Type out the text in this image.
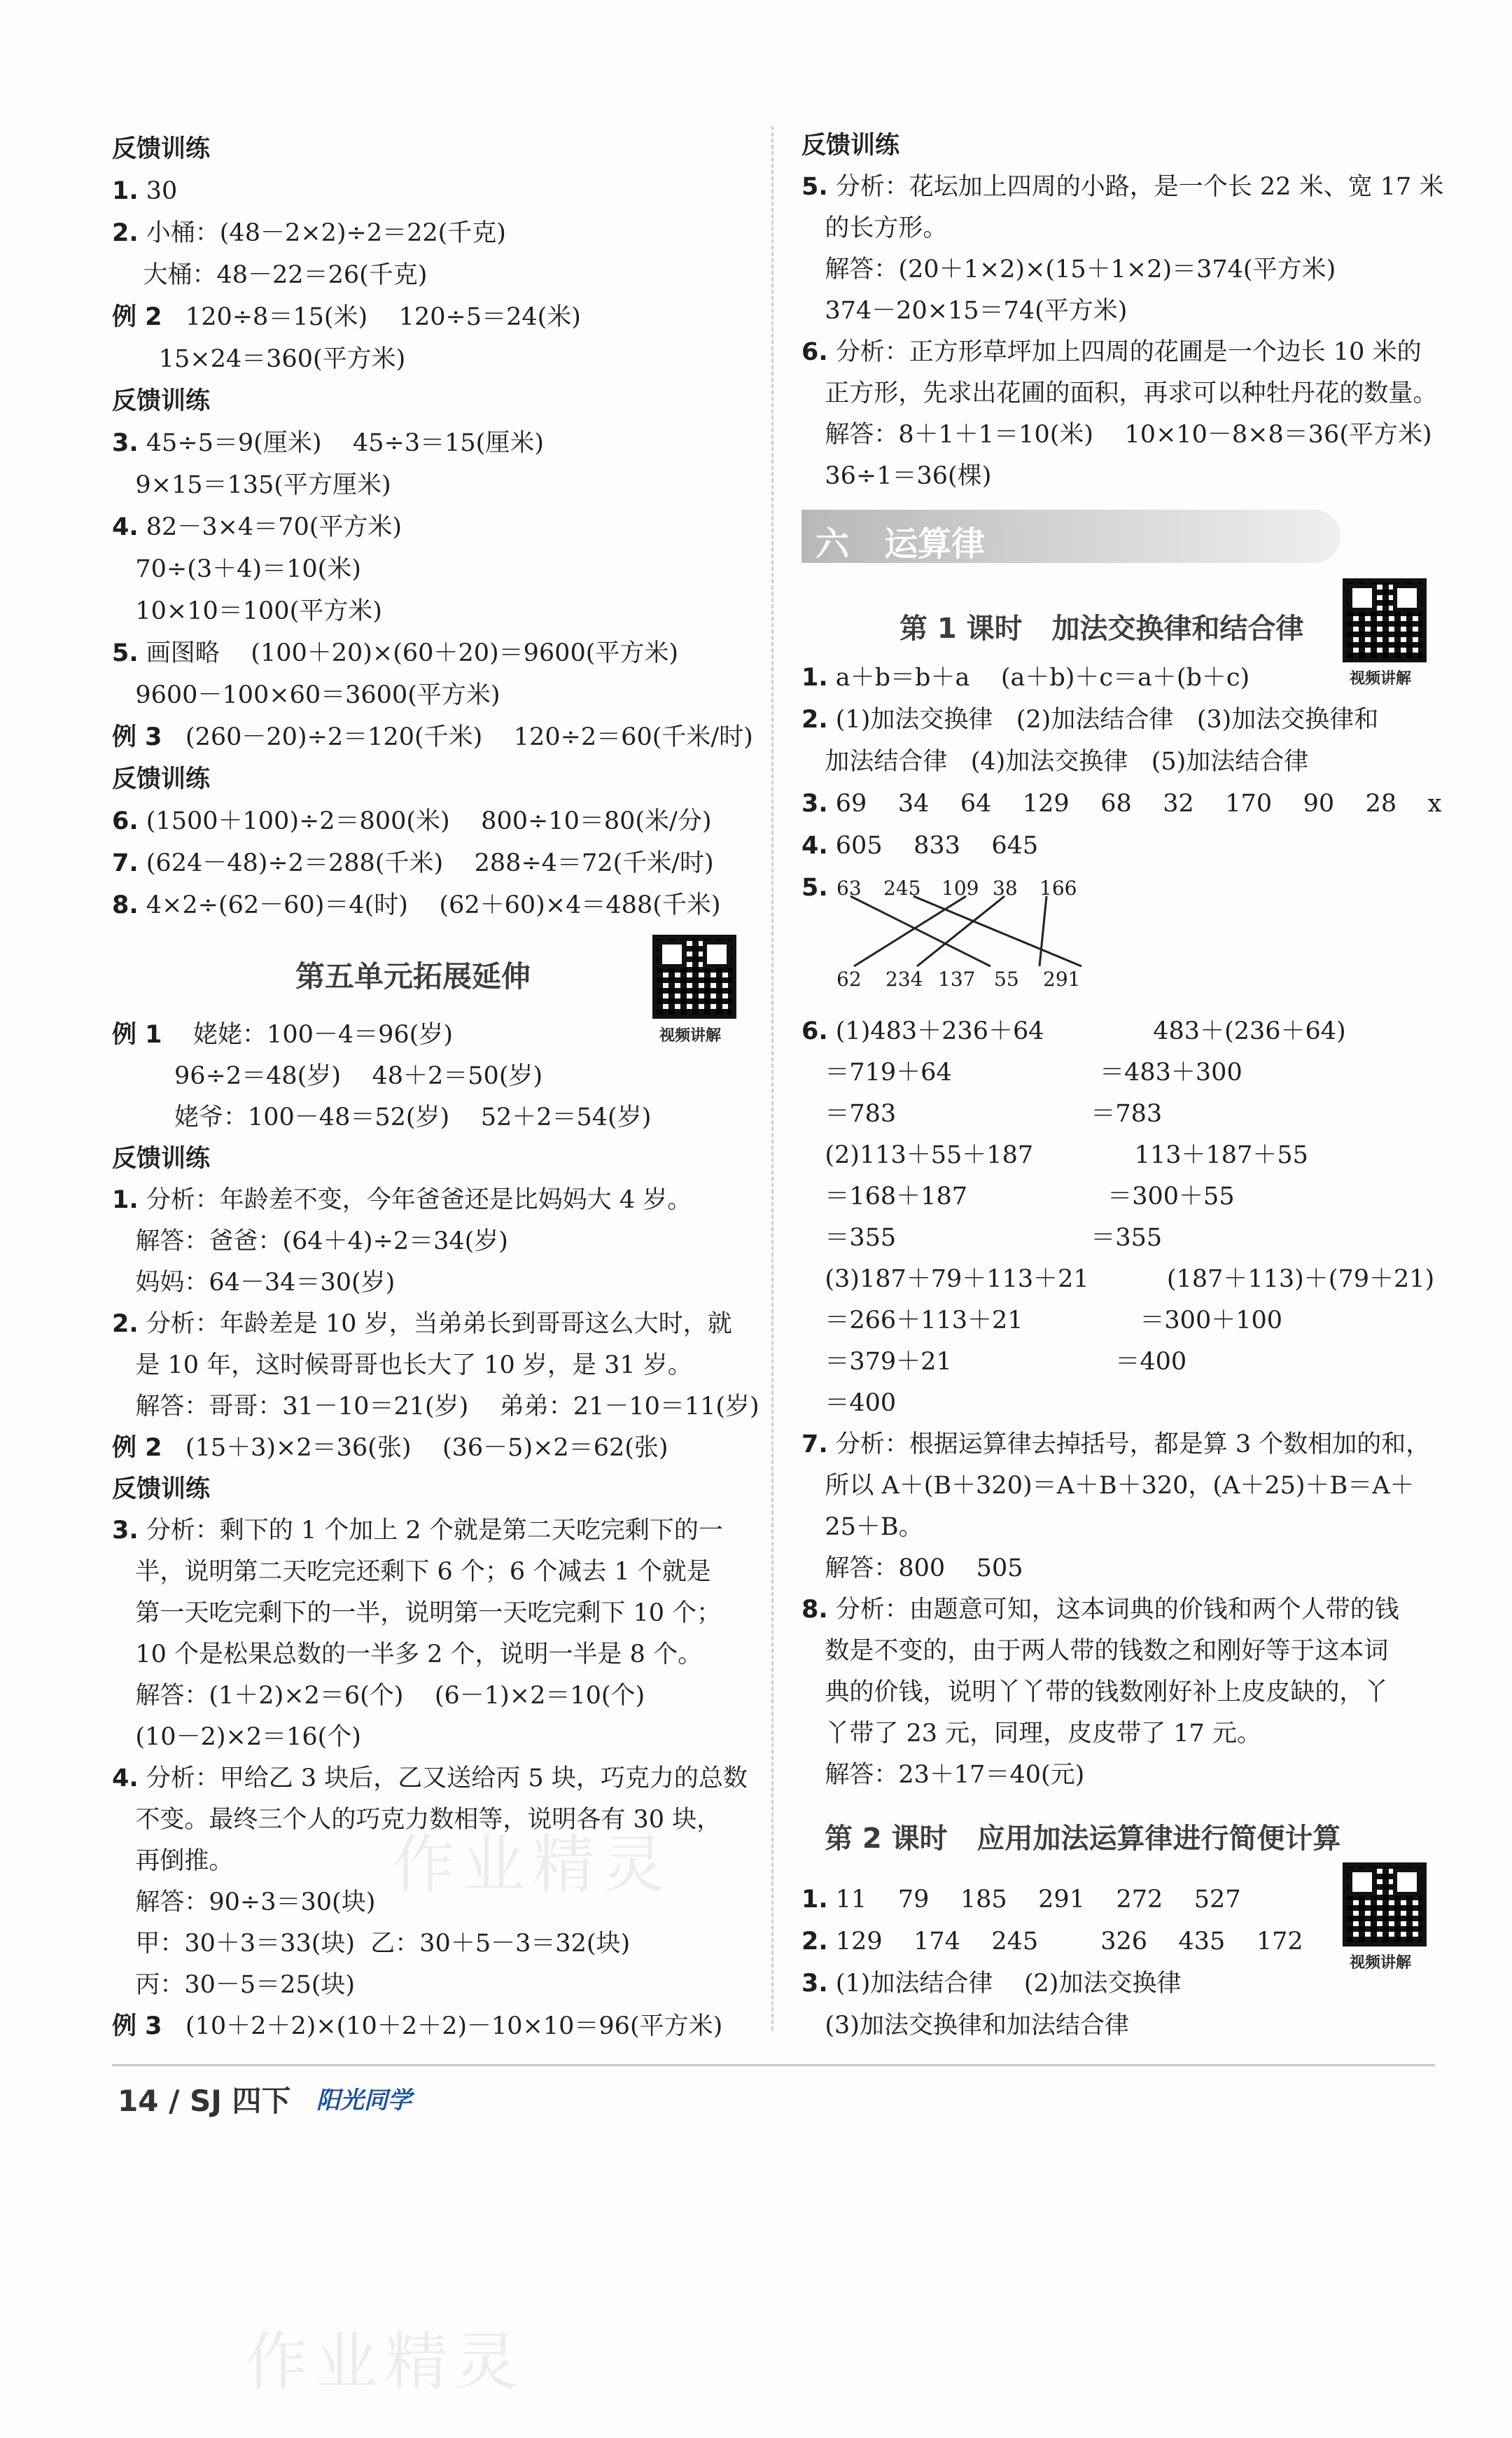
反馈训练
1. 30
2. 小桶：(48－2×2)÷2＝22(千克)
大桶：48－22＝26(千克)
例 2   120÷8＝15(米)    120÷5＝24(米)
15×24＝360(平方米)
反馈训练
3. 45÷5＝9(厘米)    45÷3＝15(厘米)
9×15＝135(平方厘米)
4. 82－3×4＝70(平方米)
70÷(3＋4)＝10(米)
10×10＝100(平方米)
5. 画图略    (100＋20)×(60＋20)＝9600(平方米)
9600－100×60＝3600(平方米)
例 3   (260－20)÷2＝120(千米)    120÷2＝60(千米/时)
反馈训练
6. (1500＋100)÷2＝800(米)    800÷10＝80(米/分)
7. (624－48)÷2＝288(千米)    288÷4＝72(千米/时)
8. 4×2÷(62－60)＝4(时)    (62＋60)×4＝488(千米)
例 1    姥姥：100－4＝96(岁)
96÷2＝48(岁)    48＋2＝50(岁)
姥爷：100－48＝52(岁)    52＋2＝54(岁)
反馈训练
1. 分析：年龄差不变，今年爸爸还是比妈妈大 4 岁。
解答：爸爸：(64＋4)÷2＝34(岁)
妈妈：64－34＝30(岁)
2. 分析：年龄差是 10 岁，当弟弟长到哥哥这么大时，就
是 10 年，这时候哥哥也长大了 10 岁，是 31 岁。
解答：哥哥：31－10＝21(岁)    弟弟：21－10＝11(岁)
例 2   (15＋3)×2＝36(张)    (36－5)×2＝62(张)
反馈训练
3. 分析：剩下的 1 个加上 2 个就是第二天吃完剩下的一
半，说明第二天吃完还剩下 6 个；6 个减去 1 个就是
第一天吃完剩下的一半，说明第一天吃完剩下 10 个；
10 个是松果总数的一半多 2 个，说明一半是 8 个。
解答：(1＋2)×2＝6(个)    (6－1)×2＝10(个)
(10－2)×2＝16(个)
4. 分析：甲给乙 3 块后，乙又送给丙 5 块，巧克力的总数
不变。最终三个人的巧克力数相等，说明各有 30 块，
再倒推。
解答：90÷3＝30(块)
甲：30＋3＝33(块)  乙：30＋5－3＝32(块)
丙：30－5＝25(块)
例 3   (10＋2＋2)×(10＋2＋2)－10×10＝96(平方米)
反馈训练
5. 分析：花坛加上四周的小路，是一个长 22 米、宽 17 米
的长方形。
解答：(20＋1×2)×(15＋1×2)＝374(平方米)
374－20×15＝74(平方米)
6. 分析：正方形草坪加上四周的花圃是一个边长 10 米的
正方形，先求出花圃的面积，再求可以种牡丹花的数量。
解答：8＋1＋1＝10(米)    10×10－8×8＝36(平方米)
36÷1＝36(棵)
1. a＋b＝b＋a    (a＋b)＋c＝a＋(b＋c)
2. (1)加法交换律   (2)加法结合律   (3)加法交换律和
加法结合律   (4)加法交换律   (5)加法结合律
3. 69    34    64    129    68    32    170    90    28    x
4. 605    833    645
5.
6. (1)483＋236＋64              483＋(236＋64)
＝719＋64                   ＝483＋300
＝783                         ＝783
(2)113＋55＋187             113＋187＋55
＝168＋187                  ＝300＋55
＝355                         ＝355
(3)187＋79＋113＋21          (187＋113)＋(79＋21)
＝266＋113＋21               ＝300＋100
＝379＋21                     ＝400
＝400
7. 分析：根据运算律去掉括号，都是算 3 个数相加的和，
所以 A＋(B＋320)＝A＋B＋320，(A＋25)＋B＝A＋
25＋B。
解答：800    505
8. 分析：由题意可知，这本词典的价钱和两个人带的钱
数是不变的，由于两人带的钱数之和刚好等于这本词
典的价钱，说明丫丫带的钱数刚好补上皮皮缺的，丫
丫带了 23 元，同理，皮皮带了 17 元。
解答：23＋17＝40(元)
1. 11    79    185    291    272    527
2. 129    174    245        326    435    172
3. (1)加法结合律    (2)加法交换律
(3)加法交换律和加法结合律
第五单元拓展延伸
视频讲解
六   运算律
第 1 课时   加法交换律和结合律
视频讲解
63 245 109 38 166
62 234 137 55 291
第 2 课时   应用加法运算律进行简便计算
视频讲解
作业精灵
作业精灵
14 / SJ 四下 阳光同学
